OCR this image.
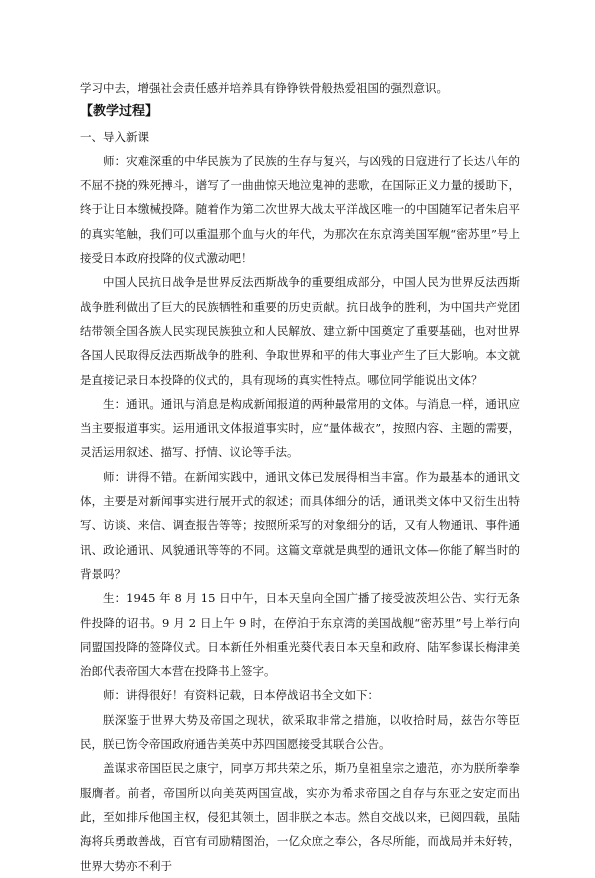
学习中去，增强社会责任感并培养具有铮铮铁骨般热爱祖国的强烈意识。

【教学过程】

一、导入新课

师：灾难深重的中华民族为了民族的生存与复兴，与凶残的日寇进行了长达八年的不屈不挠的殊死搏斗，谱写了一曲曲惊天地泣鬼神的悲歌，在国际正义力量的援助下，终于让日本缴械投降。随着作为第二次世界大战太平洋战区唯一的中国随军记者朱启平的真实笔触，我们可以重温那个血与火的年代，为那次在东京湾美国军舰“密苏里”号上接受日本政府投降的仪式激动吧！

中国人民抗日战争是世界反法西斯战争的重要组成部分，中国人民为世界反法西斯战争胜利做出了巨大的民族牺牲和重要的历史贡献。抗日战争的胜利，为中国共产党团结带领全国各族人民实现民族独立和人民解放、建立新中国奠定了重要基础，也对世界各国人民取得反法西斯战争的胜利、争取世界和平的伟大事业产生了巨大影响。本文就是直接记录日本投降的仪式的，具有现场的真实性特点。哪位同学能说出文体？

生：通讯。通讯与消息是构成新闻报道的两种最常用的文体。与消息一样，通讯应当主要报道事实。运用通讯文体报道事实时，应“量体裁衣”，按照内容、主题的需要，灵活运用叙述、描写、抒情、议论等手法。

师：讲得不错。在新闻实践中，通讯文体已发展得相当丰富。作为最基本的通讯文体，主要是对新闻事实进行展开式的叙述；而具体细分的话，通讯类文体中又衍生出特写、访谈、来信、调查报告等等；按照所采写的对象细分的话，又有人物通讯、事件通讯、政论通讯、风貌通讯等等的不同。这篇文章就是典型的通讯文体—你能了解当时的背景吗？

生：1945 年 8 月 15 日中午，日本天皇向全国广播了接受波茨坦公告、实行无条件投降的诏书。9 月 2 日上午 9 时，在停泊于东京湾的美国战舰“密苏里”号上举行向同盟国投降的签降仪式。日本新任外相重光葵代表日本天皇和政府、陆军参谋长梅津美治郎代表帝国大本营在投降书上签字。

师：讲得很好！有资料记载，日本停战诏书全文如下：

朕深鉴于世界大势及帝国之现状，欲采取非常之措施，以收拾时局，兹告尔等臣民，朕已饬令帝国政府通告美英中苏四国愿接受其联合公告。

盖谋求帝国臣民之康宁，同享万邦共荣之乐，斯乃皇祖皇宗之遗范，亦为朕所拳拳服膺者。前者，帝国所以向美英两国宣战，实亦为希求帝国之自存与东亚之安定而出此，至如排斥他国主权，侵犯其领土，固非朕之本志。然自交战以来，已阅四载，虽陆海将兵勇敢善战，百官有司励精图治，一亿众庶之奉公，各尽所能，而战局并未好转，世界大势亦不利于
